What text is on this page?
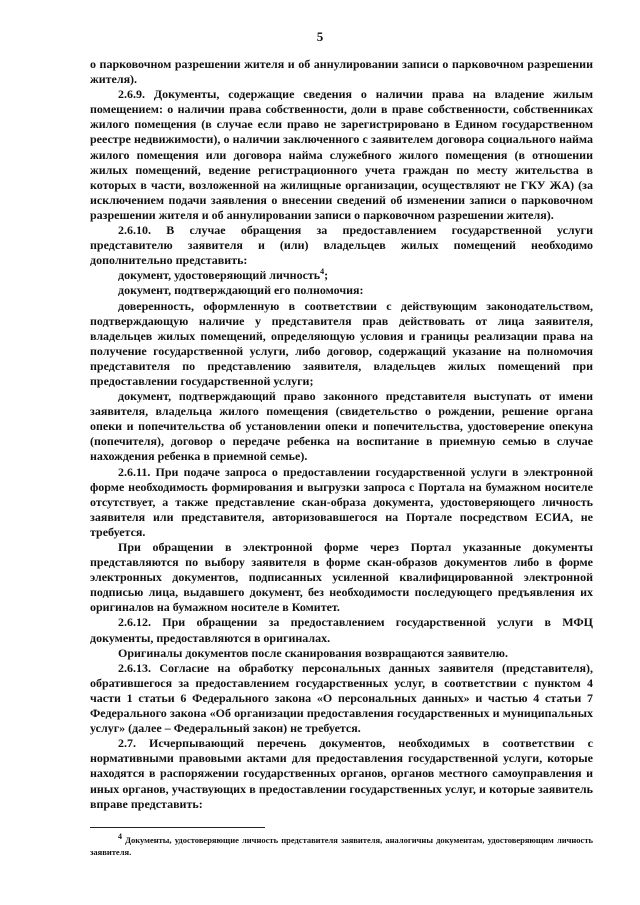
5

о парковочном разрешении жителя и об аннулировании записи о парковочном разрешении жителя).

2.6.9. Документы, содержащие сведения о наличии права на владение жилым помещением: о наличии права собственности, доли в праве собственности, собственниках жилого помещения (в случае если право не зарегистрировано в Едином государственном реестре недвижимости), о наличии заключенного с заявителем договора социального найма жилого помещения или договора найма служебного жилого помещения (в отношении жилых помещений, ведение регистрационного учета граждан по месту жительства в которых в части, возложенной на жилищные организации, осуществляют не ГКУ ЖА) (за исключением подачи заявления о внесении сведений об изменении записи о парковочном разрешении жителя и об аннулировании записи о парковочном разрешении жителя).

2.6.10. В случае обращения за предоставлением государственной услуги представителю заявителя и (или) владельцев жилых помещений необходимо дополнительно представить:

документ, удостоверяющий личность$^4$;

документ, подтверждающий его полномочия:

доверенность, оформленную в соответствии с действующим законодательством, подтверждающую наличие у представителя прав действовать от лица заявителя, владельцев жилых помещений, определяющую условия и границы реализации права на получение государственной услуги, либо договор, содержащий указание на полномочия представителя по представлению заявителя, владельцев жилых помещений при предоставлении государственной услуги;

документ, подтверждающий право законного представителя выступать от имени заявителя, владельца жилого помещения (свидетельство о рождении, решение органа опеки и попечительства об установлении опеки и попечительства, удостоверение опекуна (попечителя), договор о передаче ребенка на воспитание в приемную семью в случае нахождения ребенка в приемной семье).

2.6.11. При подаче запроса о предоставлении государственной услуги в электронной форме необходимость формирования и выгрузки запроса с Портала на бумажном носителе отсутствует, а также представление скан-образа документа, удостоверяющего личность заявителя или представителя, авторизовавшегося на Портале посредством ЕСИА, не требуется.

При обращении в электронной форме через Портал указанные документы представляются по выбору заявителя в форме скан-образов документов либо в форме электронных документов, подписанных усиленной квалифицированной электронной подписью лица, выдавшего документ, без необходимости последующего предъявления их оригиналов на бумажном носителе в Комитет.

2.6.12. При обращении за предоставлением государственной услуги в МФЦ документы, предоставляются в оригиналах.

Оригиналы документов после сканирования возвращаются заявителю.

2.6.13. Согласие на обработку персональных данных заявителя (представителя), обратившегося за предоставлением государственных услуг, в соответствии с пунктом 4 части 1 статьи 6 Федерального закона «О персональных данных» и частью 4 статьи 7 Федерального закона «Об организации предоставления государственных и муниципальных услуг» (далее – Федеральный закон) не требуется.

2.7. Исчерпывающий перечень документов, необходимых в соответствии с нормативными правовыми актами для предоставления государственной услуги, которые находятся в распоряжении государственных органов, органов местного самоуправления и иных органов, участвующих в предоставлении государственных услуг, и которые заявитель вправе представить:

$^4$ Документы, удостоверяющие личность представителя заявителя, аналогичны документам, удостоверяющим личность заявителя.
